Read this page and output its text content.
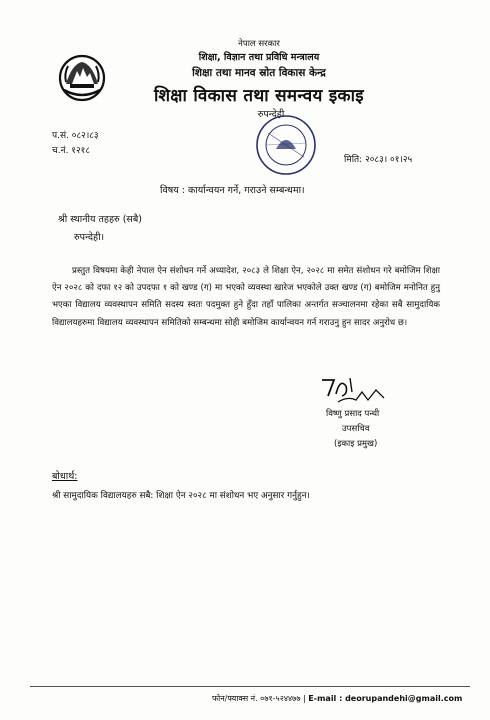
नेपाल सरकार
शिक्षा, विज्ञान तथा प्रविधि मन्त्रालय
शिक्षा तथा मानव स्रोत विकास केन्द्र
शिक्षा विकास तथा समन्वय इकाइ
रुपन्देही
प.सं. ०८२।८३
च.नं. १२१८
मिति: २०८३। ०१।२५
विषय : कार्यान्वयन गर्ने, गराउने सम्बन्धमा।
श्री स्थानीय तहहरु (सबै)
रुपन्देही।
प्रस्तुत विषयमा केही नेपाल ऐन संशोधन गर्ने अध्यादेश, २०८३ ले शिक्षा ऐन, २०२८ मा समेत संशोधन गरे बमोजिम शिक्षा ऐन २०२८ को दफा १२ को उपदफा १ को खण्ड (ग) मा भएको व्यवस्था खारेज भएकोले उक्त खण्ड (ग) बमोजिम मनोनित हुनु भएका विद्यालय व्यवस्थापन समिति सदस्य स्वतः पदमुक्त हुने हुँदा तहाँ पालिका अन्तर्गत सञ्चालनमा रहेका सबै सामुदायिक विद्यालयहरुमा विद्यालय व्यवस्थापन समितिको सम्बन्धमा सोही बमोजिम कार्यान्वयन गर्न गराउनु हुन सादर अनुरोध छ।
विष्णु प्रसाद पन्थी
उपसचिव
(इकाइ प्रमुख)
बोधार्थ:
श्री सामुदायिक विद्यालयहरु सबै: शिक्षा ऐन २०२८ मा संशोधन भए अनुसार गर्नुहुन।
फोन/फ्याक्स नं. ०७१-५२४४७७ | E-mail : deorupandehi@gmail.com
